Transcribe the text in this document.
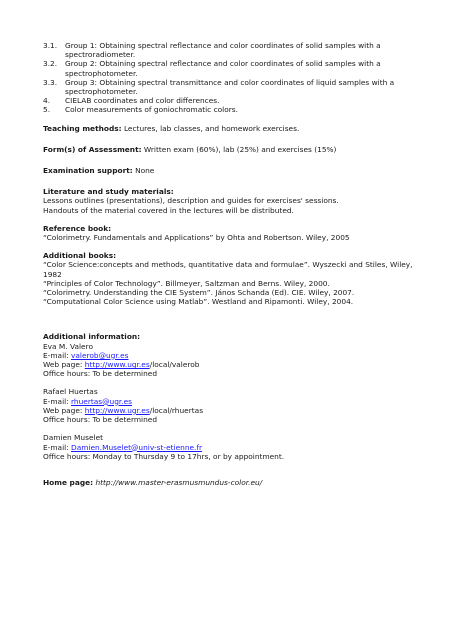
3.1.	Group 1: Obtaining spectral reflectance and color coordinates of solid samples with a spectroradiometer.
3.2.	Group 2: Obtaining spectral reflectance and color coordinates of solid samples with a spectrophotometer.
3.3.	Group 3: Obtaining spectral transmittance and color coordinates of liquid samples with a spectrophotometer.
4.	CIELAB coordinates and color differences.
5.	Color measurements of goniochromatic colors.
Teaching methods: Lectures, lab classes, and homework exercises.
Form(s) of Assessment: Written exam (60%), lab (25%) and exercises (15%)
Examination support: None
Literature and study materials:
Lessons outlines (presentations), description and guides for exercises' sessions.
Handouts of the material covered in the lectures will be distributed.
Reference book:
“Colorimetry. Fundamentals and Applications” by Ohta and Robertson. Wiley, 2005
Additional books:
“Color Science:concepts and methods, quantitative data and formulae”. Wyszecki and Stiles, Wiley, 1982
“Principles of Color Technology”. Billmeyer, Saltzman and Berns. Wiley, 2000.
“Colorimetry. Understanding the CIE System”. János Schanda (Ed). CIE. Wiley, 2007.
“Computational Color Science using Matlab”. Westland and Ripamonti. Wiley, 2004.
Additional information:
Eva M. Valero
E-mail: valerob@ugr.es
Web page: http://www.ugr.es/local/valerob
Office hours: To be determined
Rafael Huertas
E-mail: rhuertas@ugr.es
Web page: http://www.ugr.es/local/rhuertas
Office hours: To be determined
Damien Muselet
E-mail: Damien.Muselet@univ-st-etienne.fr
Office hours: Monday to Thursday 9 to 17hrs, or by appointment.
Home page: http://www.master-erasmusmundus-color.eu/
